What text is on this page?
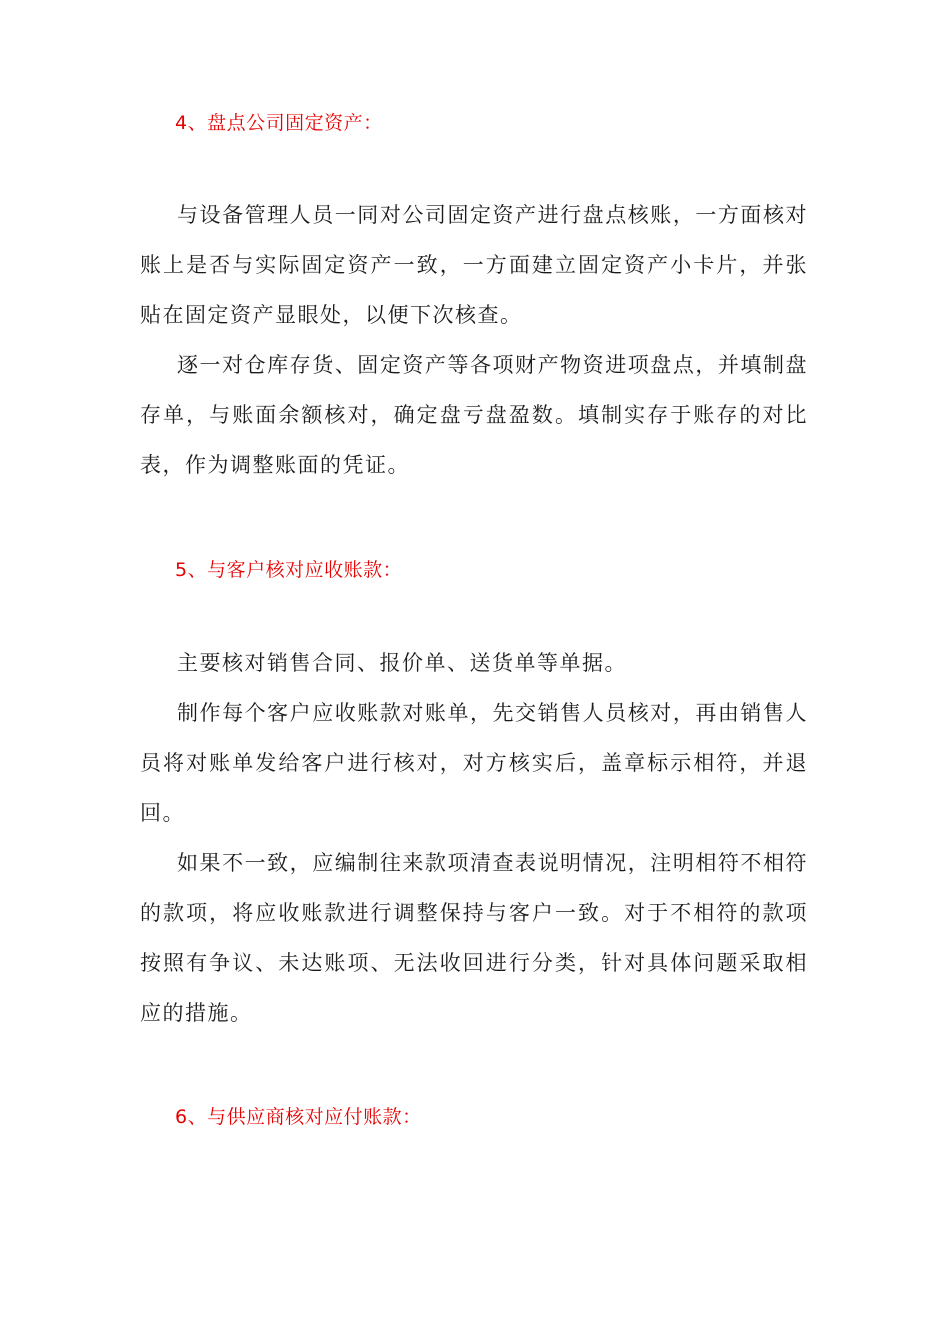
4、盘点公司固定资产：

与设备管理人员一同对公司固定资产进行盘点核账，一方面核对账上是否与实际固定资产一致，一方面建立固定资产小卡片，并张贴在固定资产显眼处，以便下次核查。

逐一对仓库存货、固定资产等各项财产物资进项盘点，并填制盘存单，与账面余额核对，确定盘亏盘盈数。填制实存于账存的对比表，作为调整账面的凭证。

5、与客户核对应收账款：

主要核对销售合同、报价单、送货单等单据。

制作每个客户应收账款对账单，先交销售人员核对，再由销售人员将对账单发给客户进行核对，对方核实后，盖章标示相符，并退回。

如果不一致，应编制往来款项清查表说明情况，注明相符不相符的款项，将应收账款进行调整保持与客户一致。对于不相符的款项按照有争议、未达账项、无法收回进行分类，针对具体问题采取相应的措施。

6、与供应商核对应付账款：
